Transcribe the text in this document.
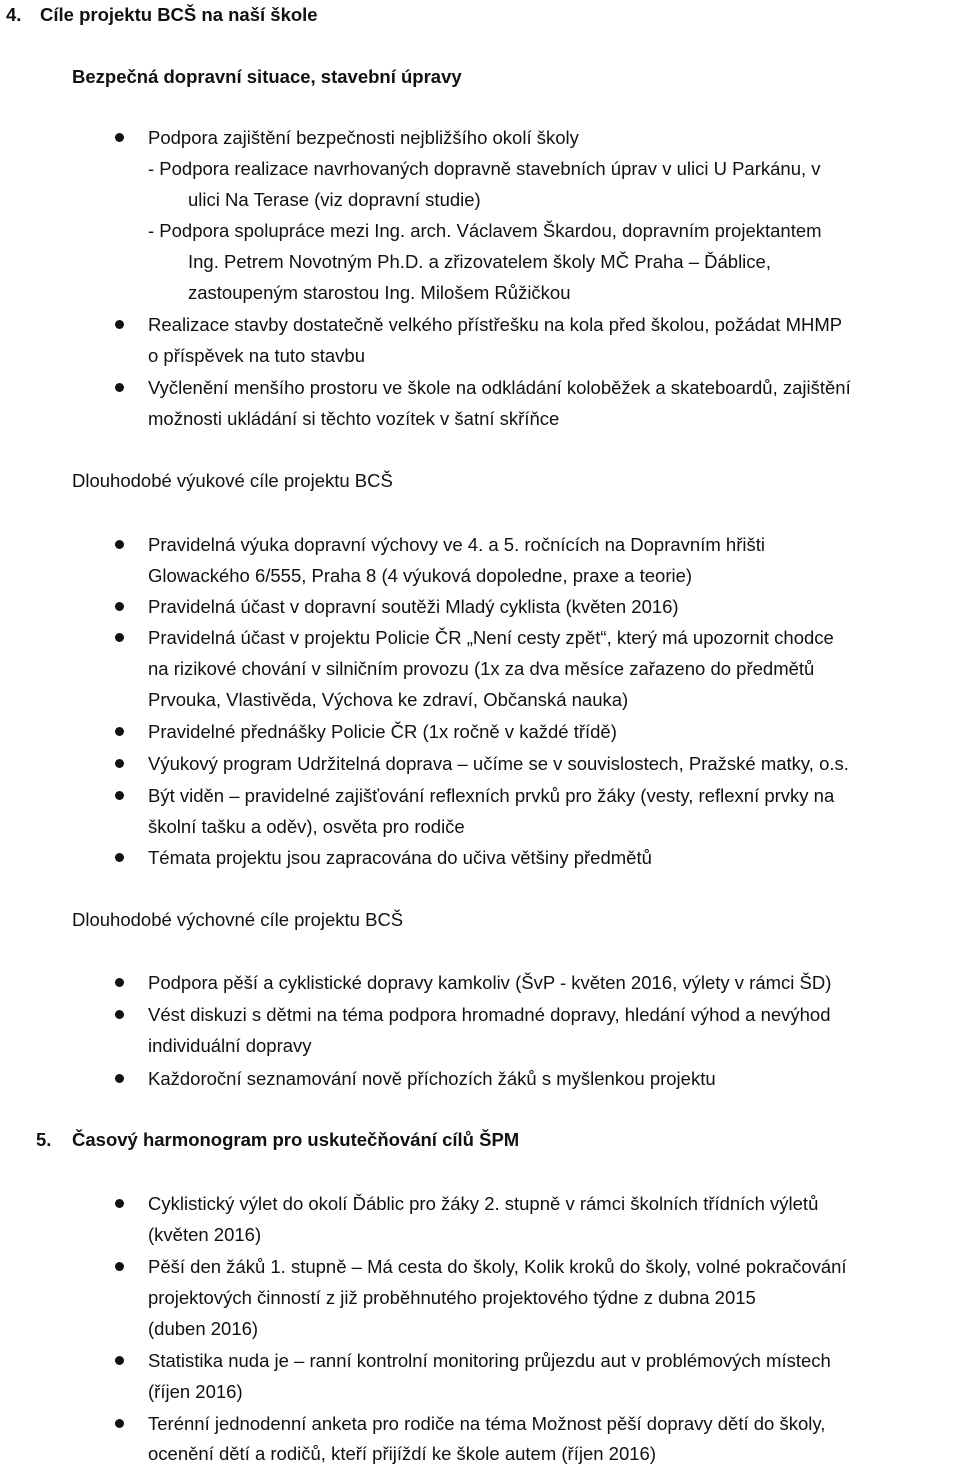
4. Cíle projektu BCŠ na naší škole
Bezpečná dopravní situace, stavební úpravy
Podpora zajištění bezpečnosti nejbližšího okolí školy
- Podpora realizace navrhovaných dopravně stavebních úprav v ulici U Parkánu, v
ulici Na Terase (viz dopravní studie)
- Podpora spolupráce mezi Ing. arch. Václavem Škardou, dopravním projektantem
Ing. Petrem Novotným Ph.D. a zřizovatelem školy MČ Praha – Ďáblice,
zastoupeným starostou Ing. Milošem Růžičkou
Realizace stavby dostatečně velkého přístřešku na kola před školou, požádat MHMP
o příspěvek na tuto stavbu
Vyčlenění menšího prostoru ve škole na odkládání koloběžek a skateboardů, zajištění
možnosti ukládání si těchto vozítek v šatní skříňce
Dlouhodobé výukové cíle projektu BCŠ
Pravidelná výuka dopravní výchovy ve 4. a 5. ročnících na Dopravním hřišti
Glowackého 6/555, Praha 8 (4 výuková dopoledne, praxe a teorie)
Pravidelná účast v dopravní soutěži Mladý cyklista (květen 2016)
Pravidelná účast v projektu Policie ČR „Není cesty zpět“, který má upozornit chodce
na rizikové chování v silničním provozu (1x za dva měsíce zařazeno do předmětů
Prvouka, Vlastivěda, Výchova ke zdraví, Občanská nauka)
Pravidelné přednášky Policie ČR (1x ročně v každé třídě)
Výukový program Udržitelná doprava – učíme se v souvislostech, Pražské matky, o.s.
Být viděn – pravidelné zajišťování reflexních prvků pro žáky (vesty, reflexní prvky na
školní tašku a oděv), osvěta pro rodiče
Témata projektu jsou zapracována do učiva většiny předmětů
Dlouhodobé výchovné cíle projektu BCŠ
Podpora pěší a cyklistické dopravy kamkoliv (ŠvP - květen 2016, výlety v rámci ŠD)
Vést diskuzi s dětmi na téma podpora hromadné dopravy, hledání výhod a nevýhod
individuální dopravy
Každoroční seznamování nově příchozích žáků s myšlenkou projektu
5. Časový harmonogram pro uskutečňování cílů ŠPM
Cyklistický výlet do okolí Ďáblic pro žáky 2. stupně v rámci školních třídních výletů
(květen 2016)
Pěší den žáků 1. stupně – Má cesta do školy, Kolik kroků do školy, volné pokračování
projektových činností z již proběhnutého projektového týdne z dubna 2015
(duben 2016)
Statistika nuda je – ranní kontrolní monitoring průjezdu aut v problémových místech
(říjen 2016)
Terénní jednodenní anketa pro rodiče na téma Možnost pěší dopravy dětí do školy,
ocenění dětí a rodičů, kteří přijíždí ke škole autem (říjen 2016)
